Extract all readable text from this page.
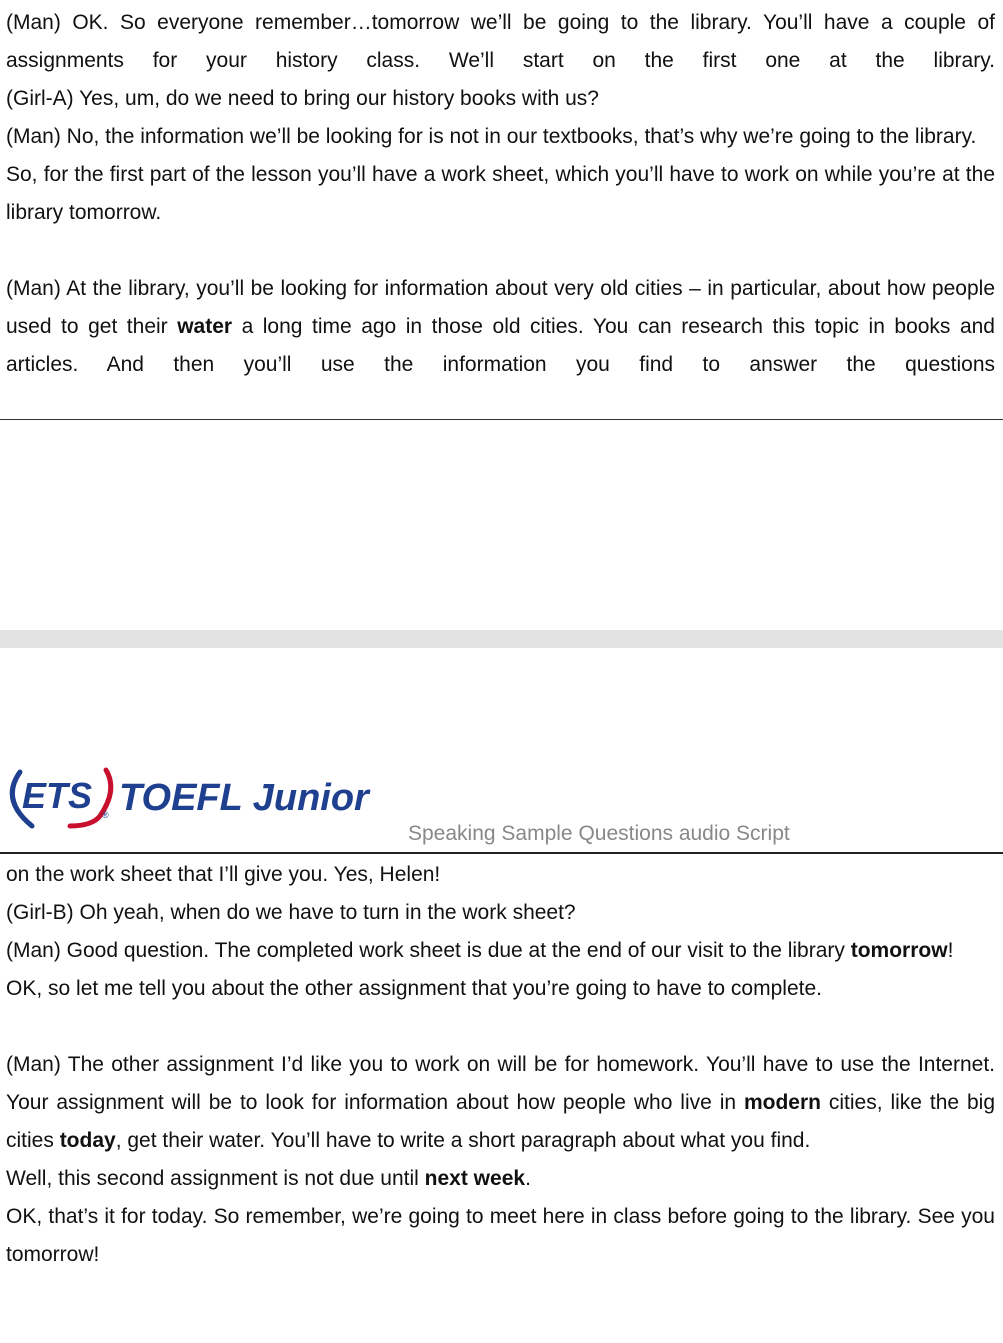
(Man) OK. So everyone remember…tomorrow we’ll be going to the library. You’ll have a couple of assignments for your history class. We’ll start on the first one at the library.

(Girl-A) Yes, um, do we need to bring our history books with us?

(Man) No, the information we’ll be looking for is not in our textbooks, that’s why we’re going to the library.

So, for the first part of the lesson you’ll have a work sheet, which you’ll have to work on while you’re at the library tomorrow.

(Man) At the library, you’ll be looking for information about very old cities – in particular, about how people used to get their water a long time ago in those old cities. You can research this topic in books and articles. And then you’ll use the information you find to answer the questions

ETS TOEFL Junior
®
Speaking Sample Questions audio Script

on the work sheet that I’ll give you. Yes, Helen!

(Girl-B) Oh yeah, when do we have to turn in the work sheet?

(Man) Good question. The completed work sheet is due at the end of our visit to the library tomorrow!

OK, so let me tell you about the other assignment that you’re going to have to complete.

(Man) The other assignment I’d like you to work on will be for homework. You’ll have to use the Internet. Your assignment will be to look for information about how people who live in modern cities, like the big cities today, get their water. You’ll have to write a short paragraph about what you find.

Well, this second assignment is not due until next week.

OK, that’s it for today. So remember, we’re going to meet here in class before going to the library. See you tomorrow!
